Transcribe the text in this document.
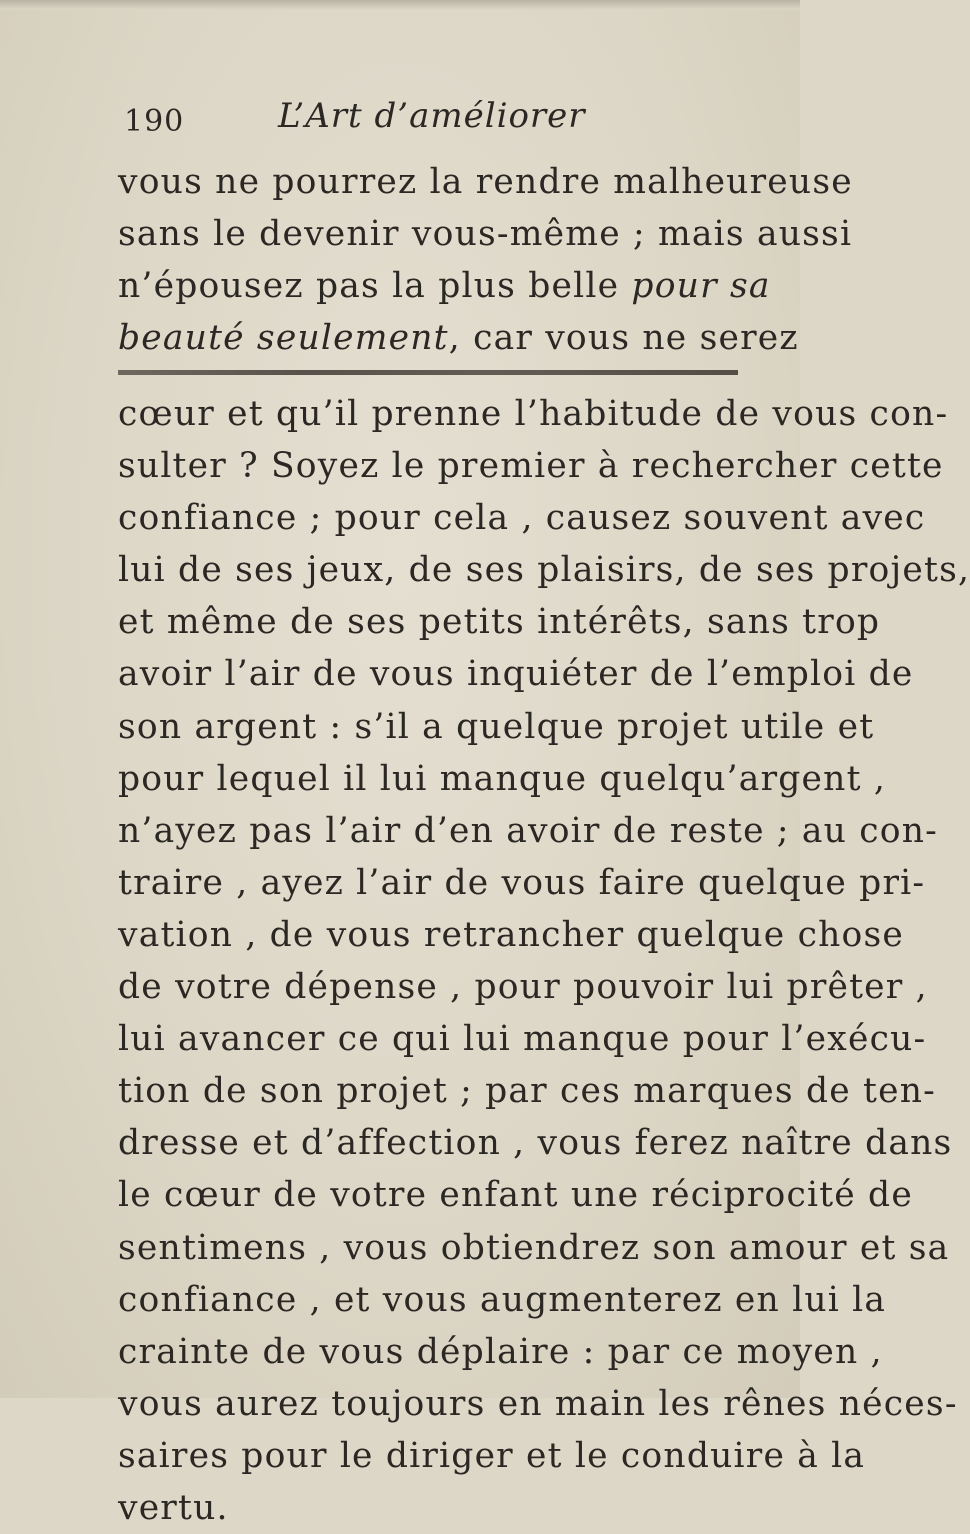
190	L’Art d’améliorer
vous ne pourrez la rendre malheureuse
sans le devenir vous-même ; mais aussi
n’épousez pas la plus belle pour sa
beauté seulement, car vous ne serez
cœur et qu’il prenne l’habitude de vous con-
sulter ? Soyez le premier à rechercher cette
confiance ; pour cela , causez souvent avec
lui de ses jeux, de ses plaisirs, de ses projets,
et même de ses petits intérêts, sans trop
avoir l’air de vous inquiéter de l’emploi de
son argent : s’il a quelque projet utile et
pour lequel il lui manque quelqu’argent ,
n’ayez pas l’air d’en avoir de reste ; au con-
traire , ayez l’air de vous faire quelque pri-
vation , de vous retrancher quelque chose
de votre dépense , pour pouvoir lui prêter ,
lui avancer ce qui lui manque pour l’exécu-
tion de son projet ; par ces marques de ten-
dresse et d’affection , vous ferez naître dans
le cœur de votre enfant une réciprocité de
sentimens , vous obtiendrez son amour et sa
confiance , et vous augmenterez en lui la
crainte de vous déplaire : par ce moyen ,
vous aurez toujours en main les rênes néces-
saires pour le diriger et le conduire à la
vertu.
